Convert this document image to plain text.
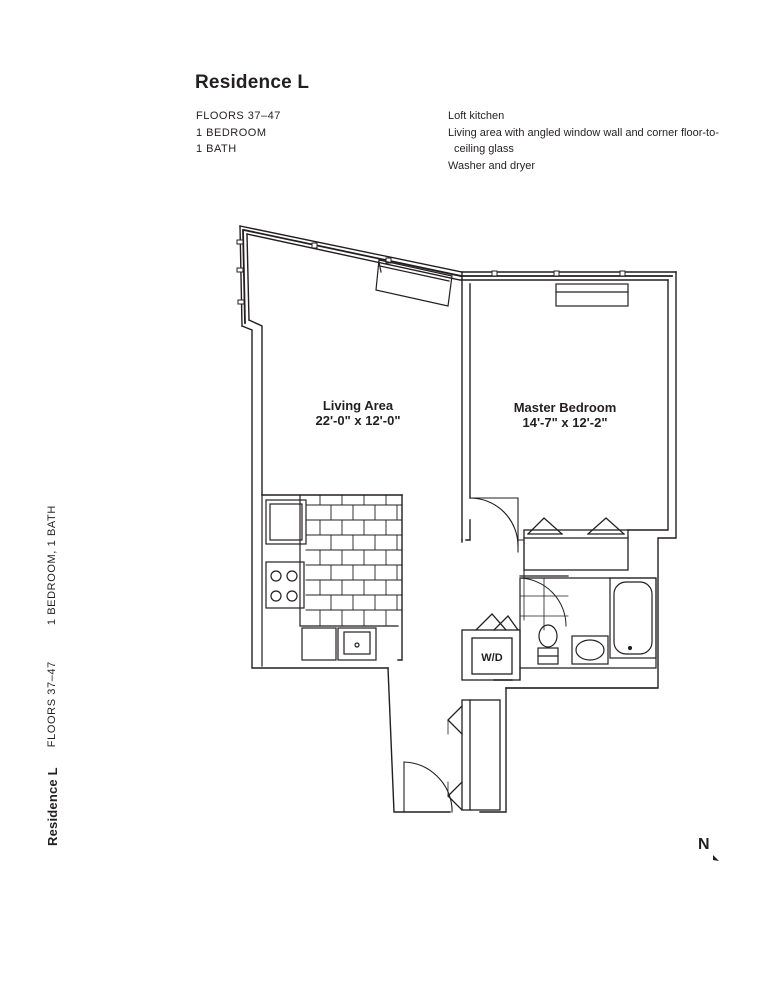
Residence L
FLOORS 37–47
1 BEDROOM
1 BATH
Loft kitchen
Living area with angled window wall and corner floor-to-
ceiling glass
Washer and dryer
Residence L
FLOORS 37–47
1 BEDROOM, 1 BATH
Living Area
22'-0" x 12'-0"
Master Bedroom
14'-7" x 12'-2"
W/D
N
